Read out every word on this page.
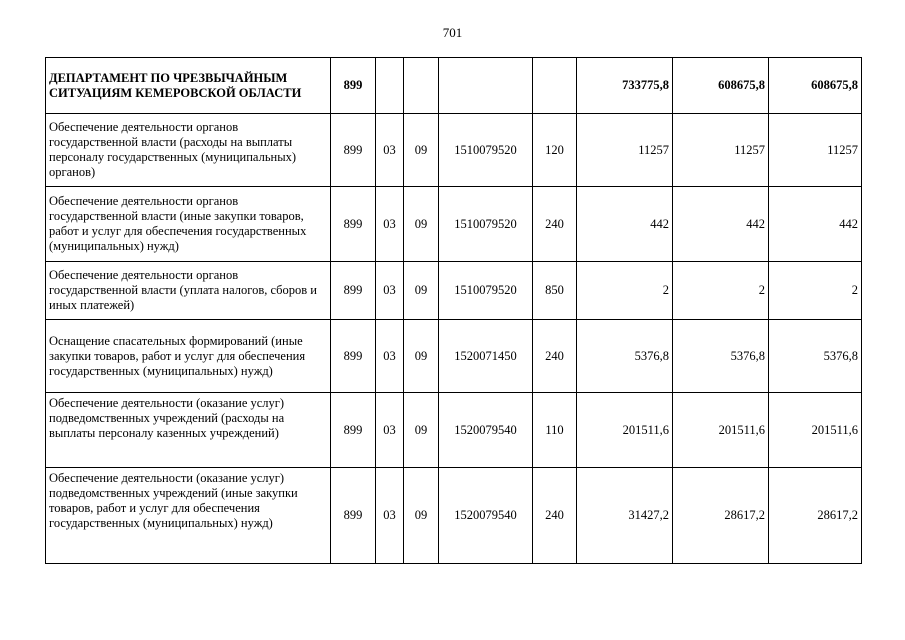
701
ДЕПАРТАМЕНТ ПО ЧРЕЗВЫЧАЙНЫМ СИТУАЦИЯМ КЕМЕРОВСКОЙ ОБЛАСТИ	899					733775,8	608675,8	608675,8
Обеспечение деятельности органов государственной власти (расходы на выплаты персоналу государственных (муниципальных) органов)	899	03	09	1510079520	120	11257	11257	11257
Обеспечение деятельности органов государственной власти (иные закупки товаров, работ и услуг для обеспечения государственных (муниципальных) нужд)	899	03	09	1510079520	240	442	442	442
Обеспечение деятельности органов государственной власти (уплата налогов, сборов и иных платежей)	899	03	09	1510079520	850	2	2	2
Оснащение спасательных формирований (иные закупки товаров, работ и услуг для обеспечения государственных (муниципальных) нужд)	899	03	09	1520071450	240	5376,8	5376,8	5376,8
Обеспечение деятельности (оказание услуг) подведомственных учреждений (расходы на выплаты персоналу казенных учреждений)	899	03	09	1520079540	110	201511,6	201511,6	201511,6
Обеспечение деятельности (оказание услуг) подведомственных учреждений (иные закупки товаров, работ и услуг для обеспечения государственных (муниципальных) нужд)	899	03	09	1520079540	240	31427,2	28617,2	28617,2
